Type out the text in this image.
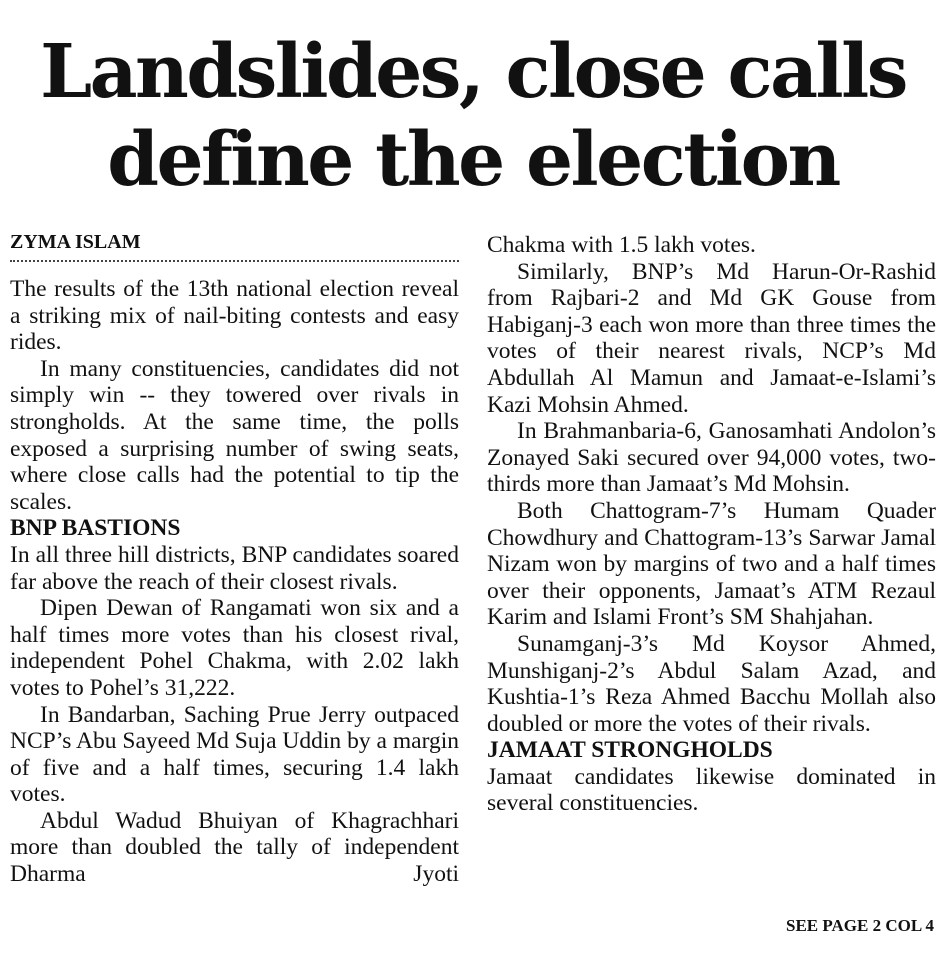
Landslides, close calls
define the election
ZYMA ISLAM

The results of the 13th national election reveal a striking mix of nail-biting contests and easy rides.

In many constituencies, candidates did not simply win -- they towered over rivals in strongholds. At the same time, the polls exposed a surprising number of swing seats, where close calls had the potential to tip the scales.

BNP BASTIONS

In all three hill districts, BNP candidates soared far above the reach of their closest rivals.

Dipen Dewan of Rangamati won six and a half times more votes than his closest rival, independent Pohel Chakma, with 2.02 lakh votes to Pohel’s 31,222.

In Bandarban, Saching Prue Jerry outpaced NCP’s Abu Sayeed Md Suja Uddin by a margin of five and a half times, securing 1.4 lakh votes.

Abdul Wadud Bhuiyan of Khagrachhari more than doubled the tally of independent Dharma Jyoti

Chakma with 1.5 lakh votes.

Similarly, BNP’s Md Harun-Or-Rashid from Rajbari-2 and Md GK Gouse from Habiganj-3 each won more than three times the votes of their nearest rivals, NCP’s Md Abdullah Al Mamun and Jamaat-e-Islami’s Kazi Mohsin Ahmed.

In Brahmanbaria-6, Ganosamhati Andolon’s Zonayed Saki secured over 94,000 votes, two-thirds more than Jamaat’s Md Mohsin.

Both Chattogram-7’s Humam Quader Chowdhury and Chattogram-13’s Sarwar Jamal Nizam won by margins of two and a half times over their opponents, Jamaat’s ATM Rezaul Karim and Islami Front’s SM Shahjahan.

Sunamganj-3’s Md Koysor Ahmed, Munshiganj-2’s Abdul Salam Azad, and Kushtia-1’s Reza Ahmed Bacchu Mollah also doubled or more the votes of their rivals.

JAMAAT STRONGHOLDS

Jamaat candidates likewise dominated in several constituencies.

SEE PAGE 2 COL 4
